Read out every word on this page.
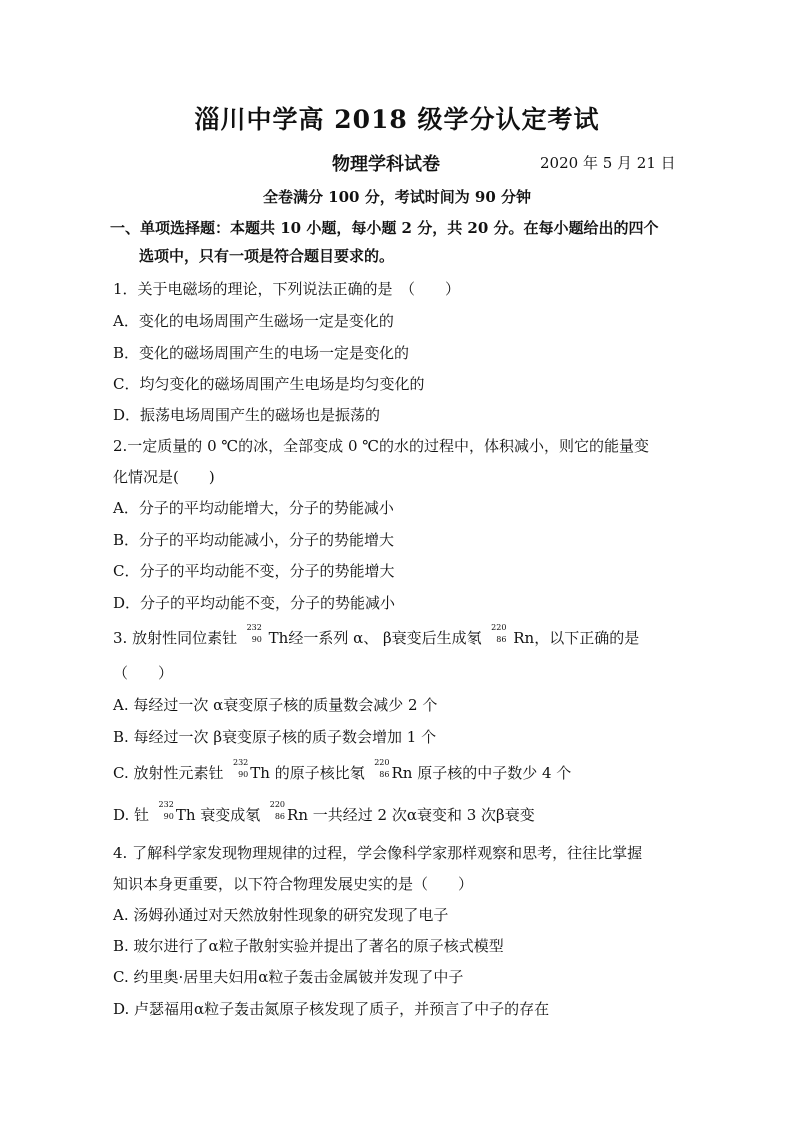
淄川中学高 2018 级学分认定考试
物理学科试卷	2020 年 5 月 21 日
全卷满分 100 分，考试时间为 90 分钟
一、单项选择题：本题共 10 小题，每小题 2 分，共 20 分。在每小题给出的四个
选项中，只有一项是符合题目要求的。
1．关于电磁场的理论，下列说法正确的是　（　　）
A．变化的电场周围产生磁场一定是变化的
B．变化的磁场周围产生的电场一定是变化的
C．均匀变化的磁场周围产生电场是均匀变化的
D．振荡电场周围产生的磁场也是振荡的
2.一定质量的 0 ℃的冰，全部变成 0 ℃的水的过程中，体积减小，则它的能量变
化情况是(　　)
A．分子的平均动能增大，分子的势能减小
B．分子的平均动能减小，分子的势能增大
C．分子的平均动能不变，分子的势能增大
D．分子的平均动能不变，分子的势能减小
3. 放射性同位素钍
232
90 Th经一系列 α、 β衰变后生成氡
220
86 Rn，以下正确的是
（　　）
A. 每经过一次 α衰变原子核的质量数会减少 2 个
B. 每经过一次 β衰变原子核的质子数会增加 1 个
C. 放射性元素钍
232
90 Th 的原子核比氡
220
86 Rn 原子核的中子数少 4 个
D. 钍
232
90 Th 衰变成氡
220
86 Rn 一共经过 2 次α衰变和 3 次β衰变
4. 了解科学家发现物理规律的过程，学会像科学家那样观察和思考，往往比掌握
知识本身更重要，以下符合物理发展史实的是（　　）
A. 汤姆孙通过对天然放射性现象的研究发现了电子
B. 玻尔进行了α粒子散射实验并提出了著名的原子核式模型
C. 约里奥·居里夫妇用α粒子轰击金属铍并发现了中子
D. 卢瑟福用α粒子轰击氮原子核发现了质子，并预言了中子的存在
